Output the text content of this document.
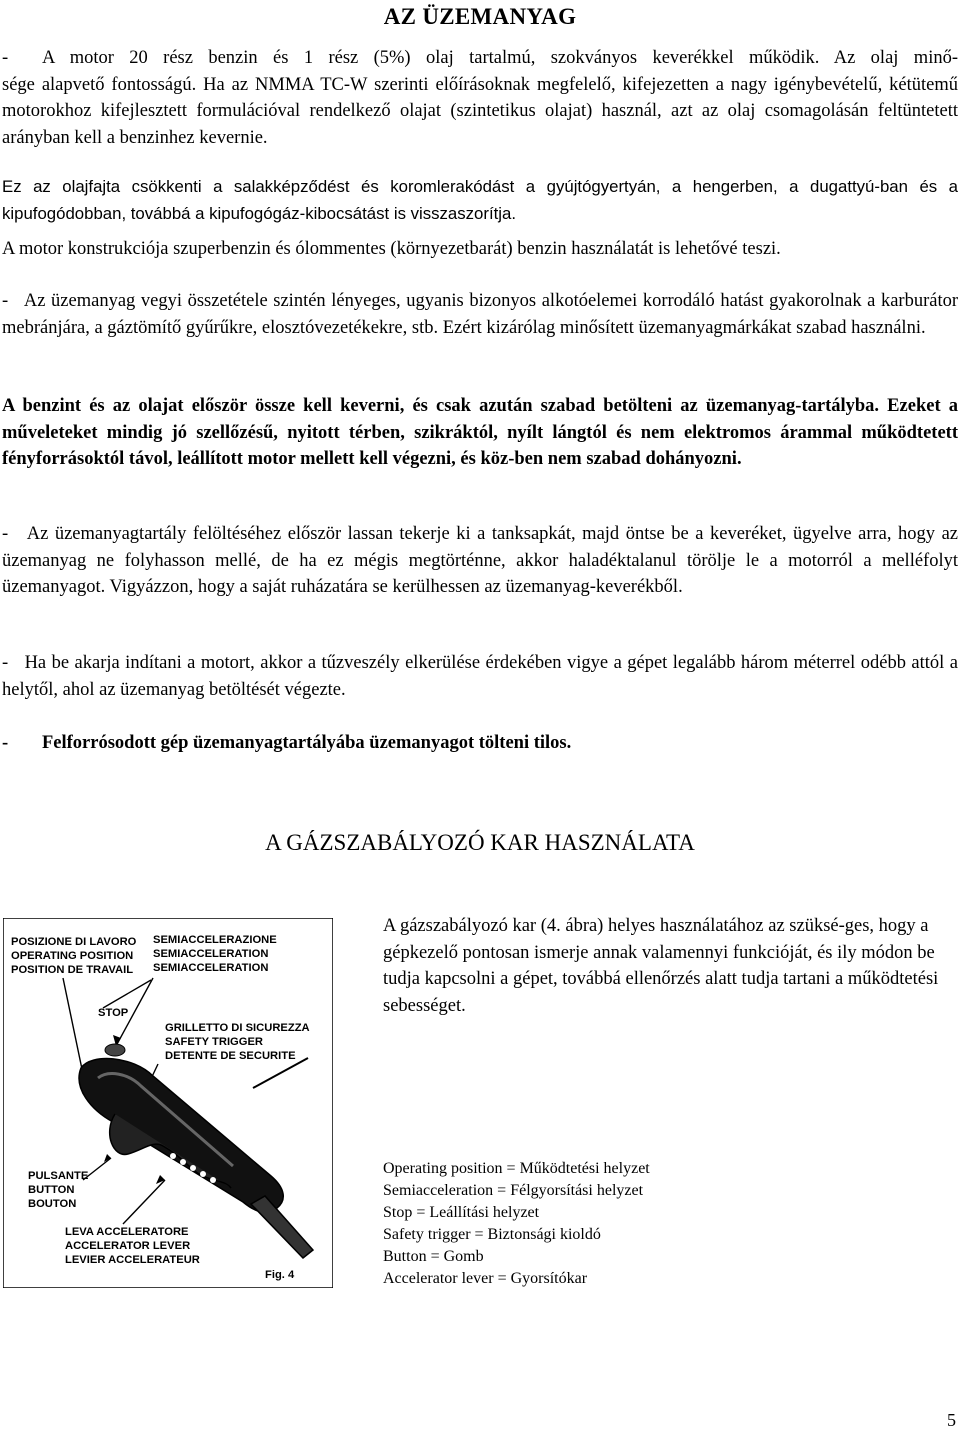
AZ ÜZEMANYAG
-	A motor 20 rész benzin és 1 rész (5%) olaj tartalmú, szokványos keverékkel működik. Az olaj minő-
sége alapvető fontosságú. Ha az NMMA TC-W szerinti előírásoknak megfelelő, kifejezetten a nagy igénybevételű, kétütemű motorokhoz kifejlesztett formulációval rendelkező olajat (szintetikus olajat) használ, azt az olaj csomagolásán feltüntetett arányban kell a benzinhez kevernie.
Ez az olajfajta csökkenti a salakképződést és koromlerakódást a gyújtógyertyán, a hengerben, a dugattyú-ban és a kipufogódobban, továbbá a kipufogógáz-kibocsátást is visszaszorítja.
A motor konstrukciója szuperbenzin és ólommentes (környezetbarát) benzin használatát is lehetővé teszi.
-   Az üzemanyag vegyi összetétele szintén lényeges, ugyanis bizonyos alkotóelemei korrodáló hatást gyakorolnak a karburátor mebránjára, a gáztömítő gyűrűkre, elosztóvezetékekre, stb. Ezért kizárólag minősített üzemanyagmárkákat szabad használni.
A benzint és az olajat először össze kell keverni, és csak azután szabad betölteni az üzemanyag-tartályba. Ezeket a műveleteket mindig jó szellőzésű, nyitott térben, szikráktól, nyílt lángtól és nem elektromos árammal működtetett fényforrásoktól távol, leállított motor mellett kell végezni, és köz-ben nem szabad dohányozni.
-   Az üzemanyagtartály felöltéséhez először lassan tekerje ki a tanksapkát, majd öntse be a keveréket, ügyelve arra, hogy az üzemanyag ne folyhasson mellé, de ha ez mégis megtörténne, akkor haladéktalanul törölje le a motorról a melléfolyt üzemanyagot. Vigyázzon, hogy a saját ruházatára se kerülhessen az üzemanyag-keverékből.
-   Ha be akarja indítani a motort, akkor a tűzveszély elkerülése érdekében vigye a gépet legalább három méterrel odébb attól a helytől, ahol az üzemanyag betöltését végezte.
-	Felforrósodott gép üzemanyagtartályába üzemanyagot tölteni tilos.
A GÁZSZABÁLYOZÓ KAR HASZNÁLATA
POSIZIONE DI LAVORO
OPERATING POSITION
POSITION DE TRAVAIL
SEMIACCELERAZIONE
SEMIACCELERATION
SEMIACCELERATION
STOP
GRILLETTO DI SICUREZZA
SAFETY TRIGGER
DETENTE DE SECURITE
PULSANTE
BUTTON
BOUTON
LEVA ACCELERATORE
ACCELERATOR LEVER
LEVIER ACCELERATEUR
Fig. 4
A gázszabályozó kar (4. ábra) helyes használatához az szüksé-ges, hogy a gépkezelő pontosan ismerje annak valamennyi funkcióját, és ily módon be tudja kapcsolni a gépet, továbbá ellenőrzés alatt tudja tartani a működtetési sebességet.
Operating position = Működtetési helyzet
Semiacceleration = Félgyorsítási helyzet
Stop = Leállítási helyzet
Safety trigger = Biztonsági kioldó
Button = Gomb
Accelerator lever = Gyorsítókar
5
